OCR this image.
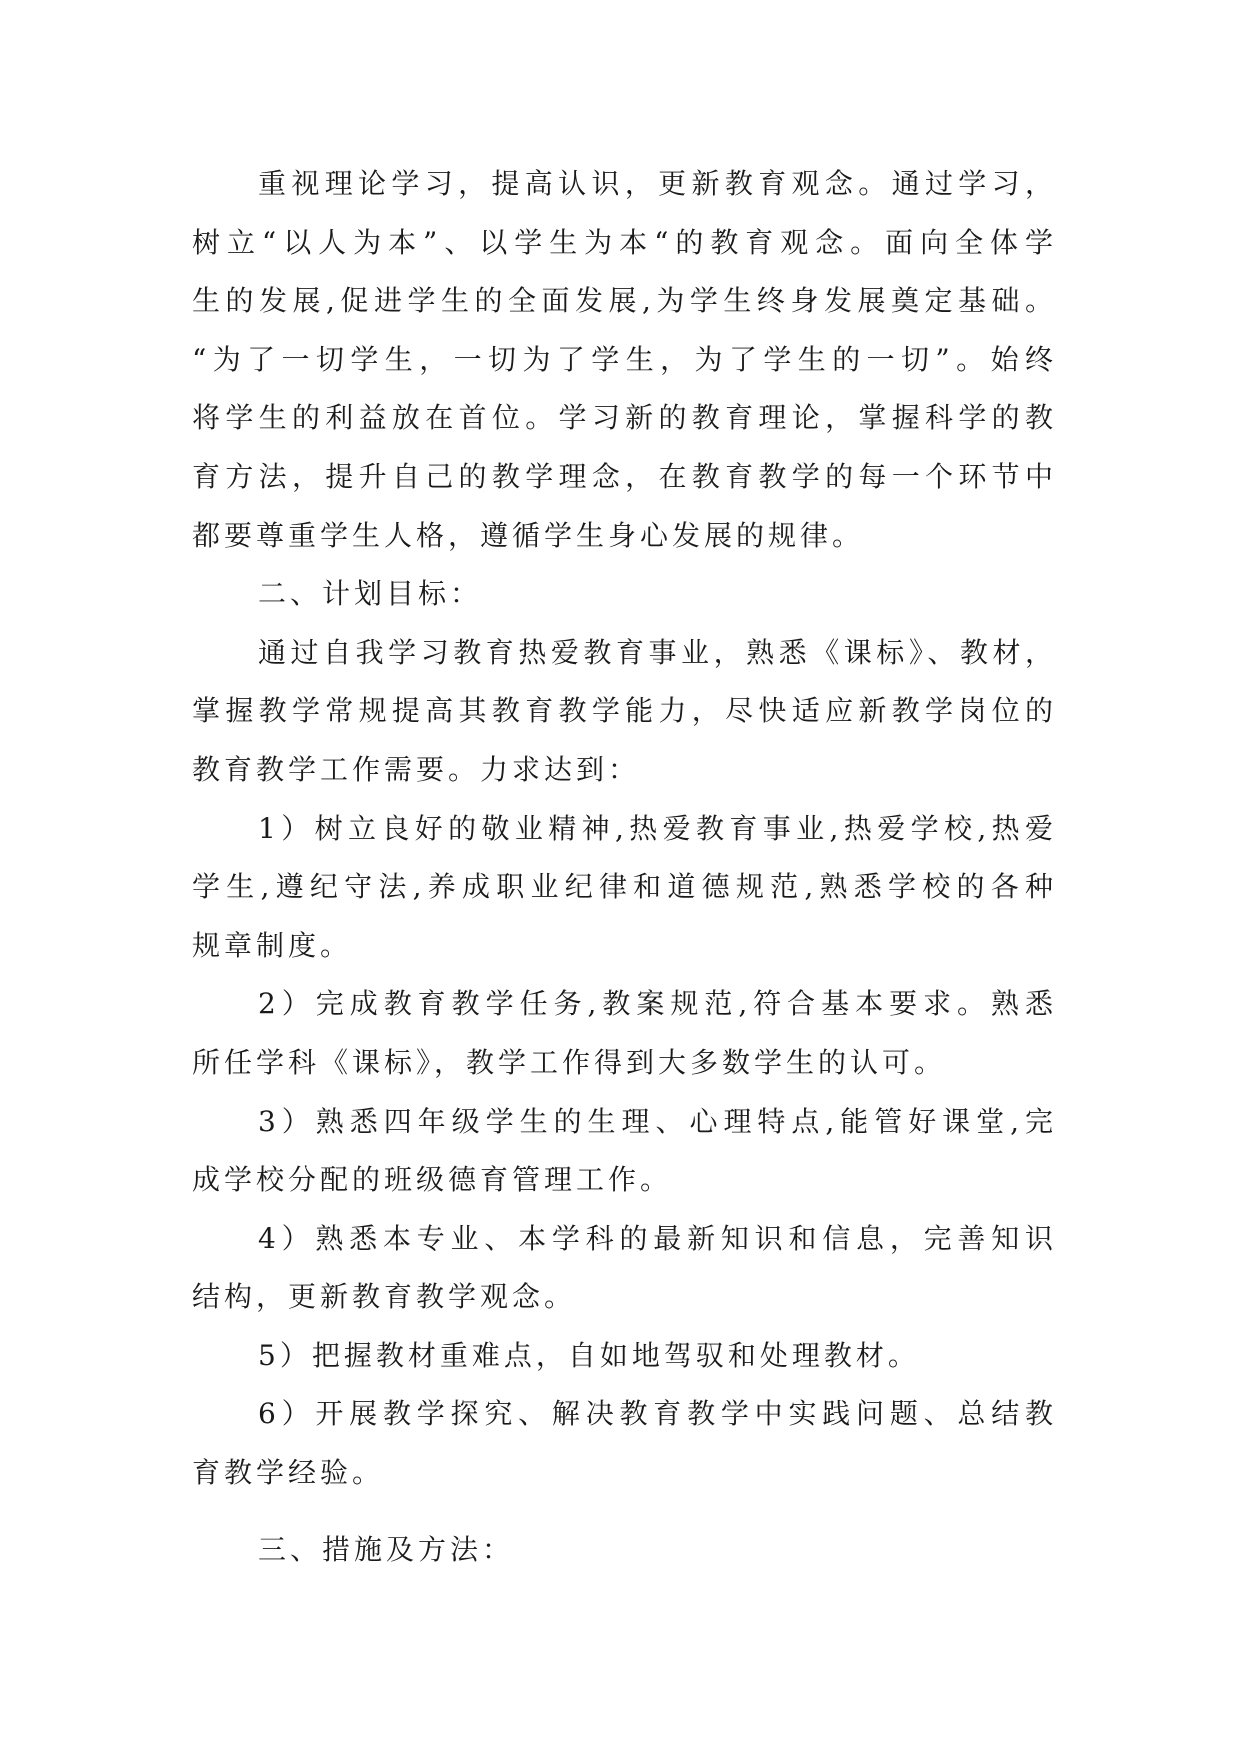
重视理论学习，提高认识，更新教育观念。通过学习，
树立“以人为本”、以学生为本“的教育观念。面向全体学
生的发展,促进学生的全面发展,为学生终身发展奠定基础。
“为了一切学生，一切为了学生，为了学生的一切”。始终
将学生的利益放在首位。学习新的教育理论，掌握科学的教
育方法，提升自己的教学理念，在教育教学的每一个环节中
都要尊重学生人格，遵循学生身心发展的规律。
二、计划目标：
通过自我学习教育热爱教育事业，熟悉《课标》、教材，
掌握教学常规提高其教育教学能力，尽快适应新教学岗位的
教育教学工作需要。力求达到：
1）树立良好的敬业精神,热爱教育事业,热爱学校,热爱
学生,遵纪守法,养成职业纪律和道德规范,熟悉学校的各种
规章制度。
2）完成教育教学任务,教案规范,符合基本要求。熟悉
所任学科《课标》，教学工作得到大多数学生的认可。
3）熟悉四年级学生的生理、心理特点,能管好课堂,完
成学校分配的班级德育管理工作。
4）熟悉本专业、本学科的最新知识和信息，完善知识
结构，更新教育教学观念。
5）把握教材重难点，自如地驾驭和处理教材。
6）开展教学探究、解决教育教学中实践问题、总结教
育教学经验。
三、措施及方法：
